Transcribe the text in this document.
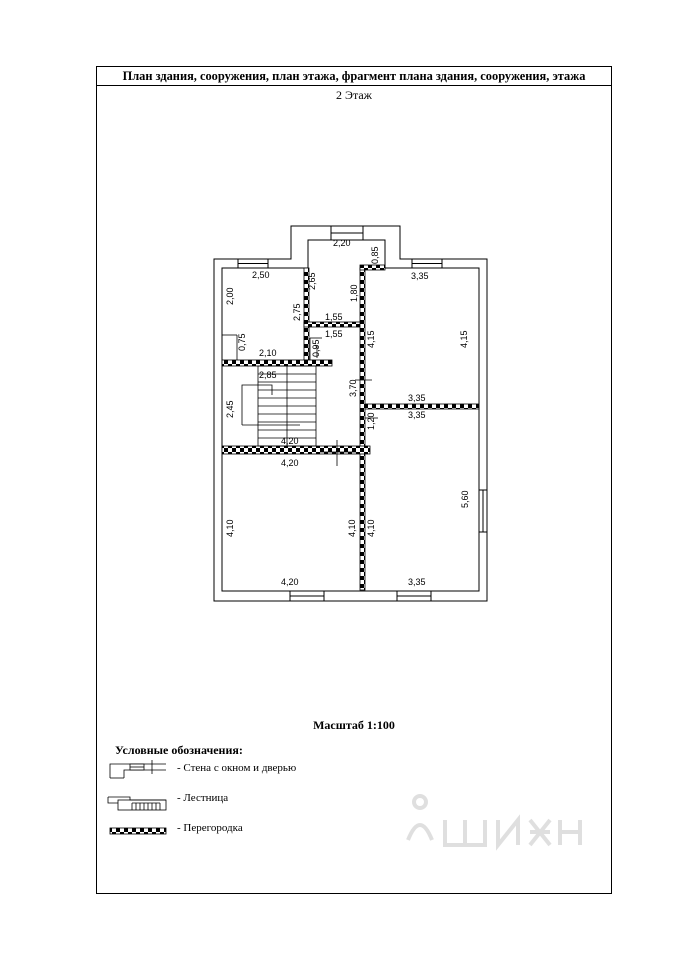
План здания, сооружения, план этажа, фрагмент плана здания, сооружения, этажа
2 Этаж
Масштаб 1:100
Условные обозначения:
- Стена с окном и дверью
- Лестница
- Перегородка
2,20
0,85
2,50	2,65
1,80
3,35
2,00
2,75	1,55
1,55
0,95
4,15	4,15
0,75
2,10
2,85
3,70
3,35
3,35
2,45
1,20
4,20
4,20
5,60
4,10	4,10 4,10
4,20	3,35
